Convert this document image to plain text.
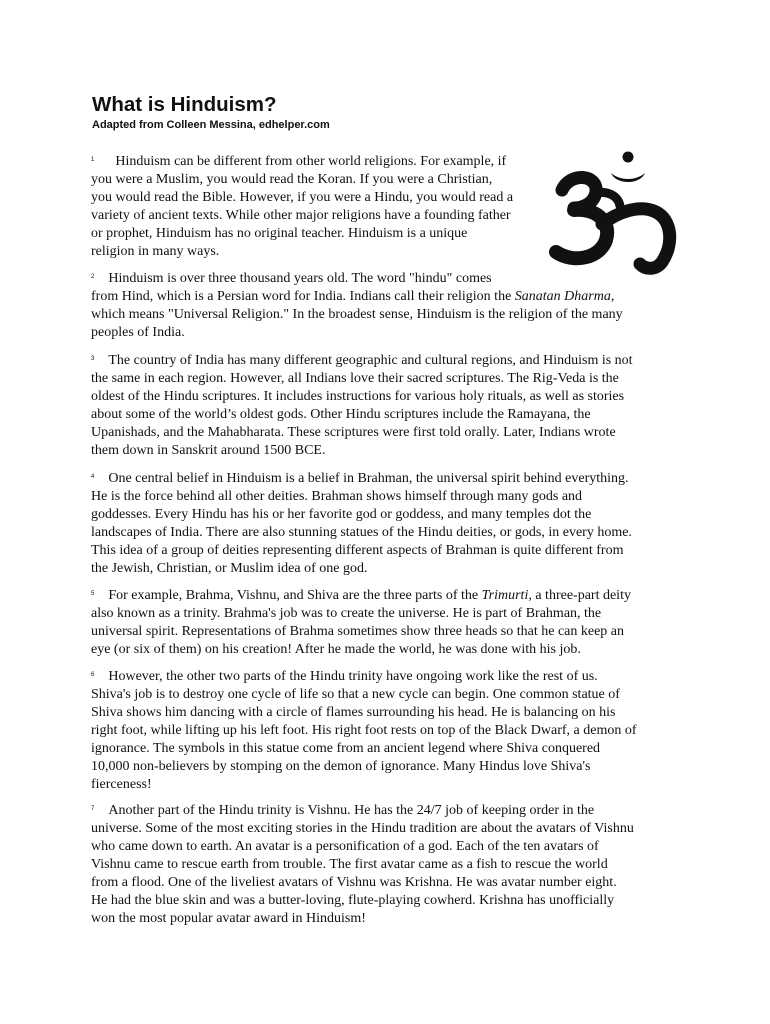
What is Hinduism?

Adapted from Colleen Messina, edhelper.com

$^1$ Hinduism can be different from other world religions. For example, if
you were a Muslim, you would read the Koran. If you were a Christian,
you would read the Bible. However, if you were a Hindu, you would read a
variety of ancient texts. While other major religions have a founding father
or prophet, Hinduism has no original teacher. Hinduism is a unique
religion in many ways.
$^2$ Hinduism is over three thousand years old. The word "hindu" comes
from Hind, which is a Persian word for India. Indians call their religion the Sanatan Dharma,
which means "Universal Religion." In the broadest sense, Hinduism is the religion of the many
peoples of India.
$^3$ The country of India has many different geographic and cultural regions, and Hinduism is not
the same in each region. However, all Indians love their sacred scriptures. The Rig-Veda is the
oldest of the Hindu scriptures. It includes instructions for various holy rituals, as well as stories
about some of the world’s oldest gods. Other Hindu scriptures include the Ramayana, the
Upanishads, and the Mahabharata. These scriptures were first told orally. Later, Indians wrote
them down in Sanskrit around 1500 BCE.
$^4$ One central belief in Hinduism is a belief in Brahman, the universal spirit behind everything.
He is the force behind all other deities. Brahman shows himself through many gods and
goddesses. Every Hindu has his or her favorite god or goddess, and many temples dot the
landscapes of India. There are also stunning statues of the Hindu deities, or gods, in every home.
This idea of a group of deities representing different aspects of Brahman is quite different from
the Jewish, Christian, or Muslim idea of one god.
$^5$ For example, Brahma, Vishnu, and Shiva are the three parts of the Trimurti, a three-part deity
also known as a trinity. Brahma's job was to create the universe. He is part of Brahman, the
universal spirit. Representations of Brahma sometimes show three heads so that he can keep an
eye (or six of them) on his creation! After he made the world, he was done with his job.
$^6$ However, the other two parts of the Hindu trinity have ongoing work like the rest of us.
Shiva's job is to destroy one cycle of life so that a new cycle can begin. One common statue of
Shiva shows him dancing with a circle of flames surrounding his head. He is balancing on his
right foot, while lifting up his left foot. His right foot rests on top of the Black Dwarf, a demon of
ignorance. The symbols in this statue come from an ancient legend where Shiva conquered
10,000 non-believers by stomping on the demon of ignorance. Many Hindus love Shiva's
fierceness!
$^7$ Another part of the Hindu trinity is Vishnu. He has the 24/7 job of keeping order in the
universe. Some of the most exciting stories in the Hindu tradition are about the avatars of Vishnu
who came down to earth. An avatar is a personification of a god. Each of the ten avatars of
Vishnu came to rescue earth from trouble. The first avatar came as a fish to rescue the world
from a flood. One of the liveliest avatars of Vishnu was Krishna. He was avatar number eight.
He had the blue skin and was a butter-loving, flute-playing cowherd. Krishna has unofficially
won the most popular avatar award in Hinduism!
